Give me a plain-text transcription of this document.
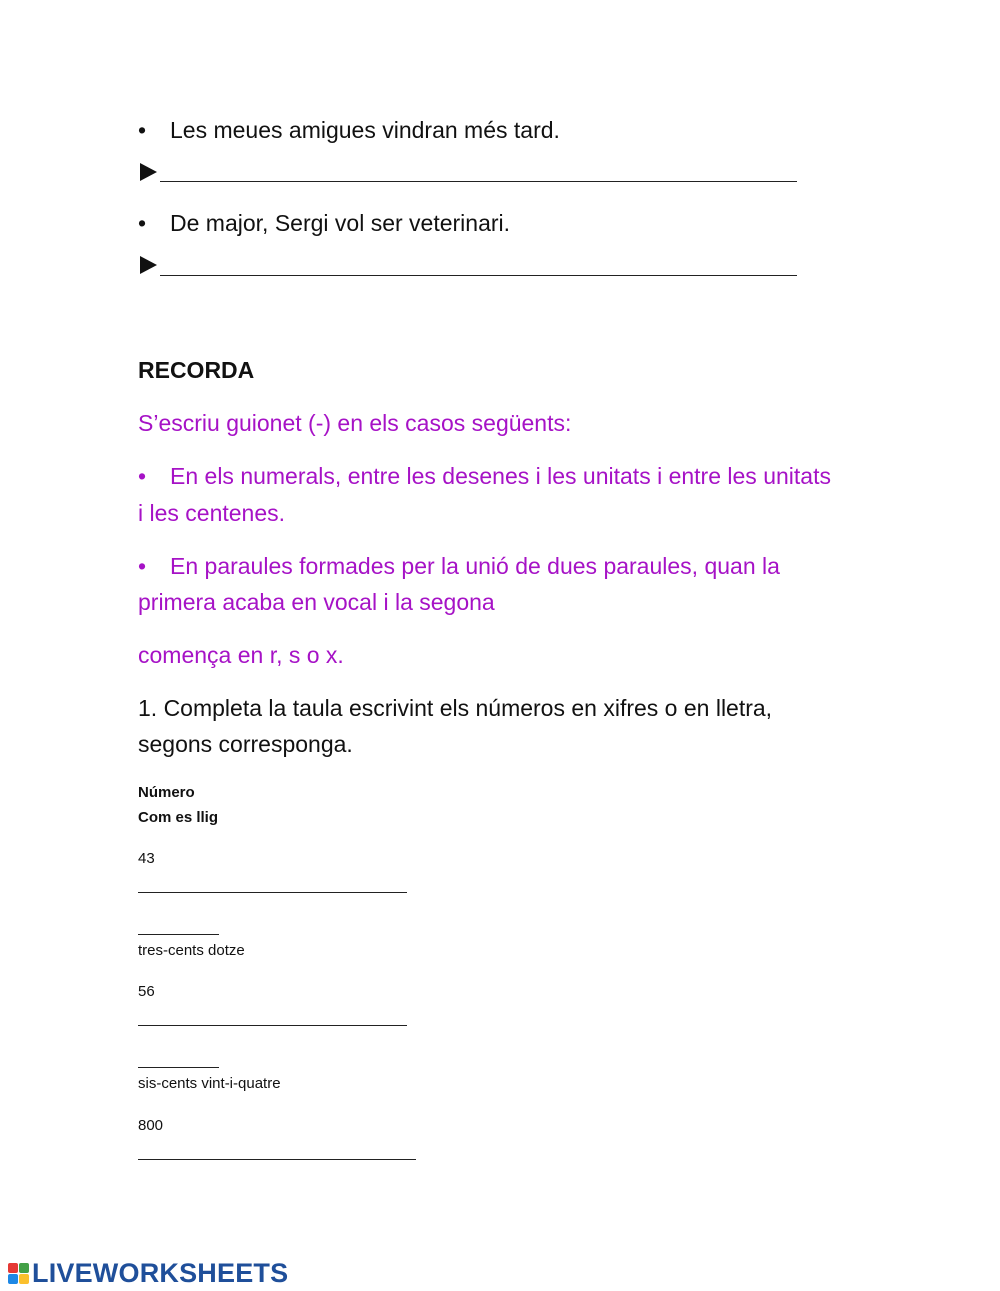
• Les meues amigues vindran més tard.
• De major, Sergi vol ser veterinari.
RECORDA
S’escriu guionet (-) en els casos següents:
• En els numerals, entre les desenes i les unitats i entre les unitats
i les centenes.
• En paraules formades per la unió de dues paraules, quan la
primera acaba en vocal i la segona
comença en r, s o x.
1. Completa la taula escrivint els números en xifres o en lletra,
segons corresponga.
Número
Com es llig
43
tres-cents dotze
56
sis-cents vint-i-quatre
800
LIVEWORKSHEETS
